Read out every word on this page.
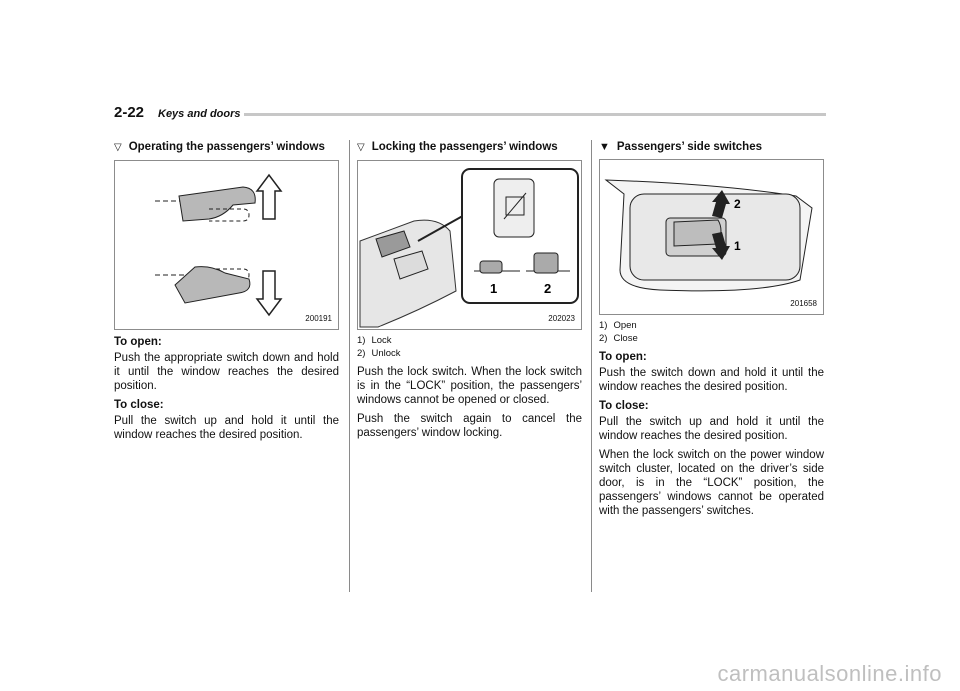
2-22 Keys and doors
▽ Operating the passengers’ windows
200191
To open:
Push the appropriate switch down and hold it until the window reaches the desired position.
To close:
Pull the switch up and hold it until the window reaches the desired position.
▽ Locking the passengers’ windows
1	2
202023
1) Lock
2) Unlock
Push the lock switch. When the lock switch is in the “LOCK” position, the passengers’ windows cannot be opened or closed.
Push the switch again to cancel the passengers’ window locking.
▼ Passengers’ side switches
2
1
201658
1) Open
2) Close
To open:
Push the switch down and hold it until the window reaches the desired position.
To close:
Pull the switch up and hold it until the window reaches the desired position.
When the lock switch on the power window switch cluster, located on the driver’s side door, is in the “LOCK” position, the passengers’ windows cannot be operated with the passengers’ switches.
carmanualsonline.info
